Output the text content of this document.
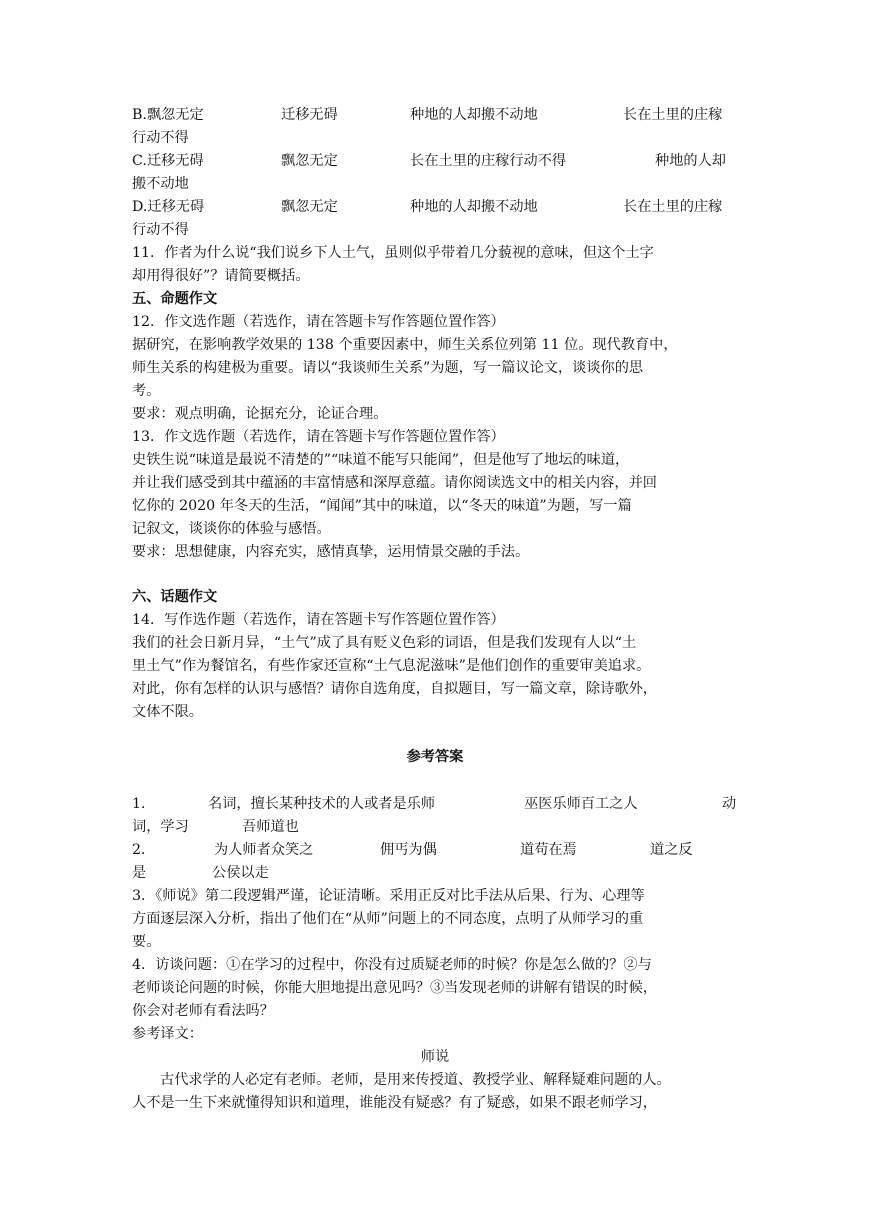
B.飘忽无定	迁移无碍	种地的人却搬不动地	长在土里的庄稼
行动不得
C.迁移无碍	飘忽无定	长在土里的庄稼行动不得	种地的人却
搬不动地
D.迁移无碍	飘忽无定	种地的人却搬不动地	长在土里的庄稼
行动不得
11．作者为什么说“我们说乡下人土气，虽则似乎带着几分藐视的意味，但这个土字
却用得很好”？请简要概括。
五、命题作文
12．作文选作题（若选作，请在答题卡写作答题位置作答）
据研究，在影响教学效果的 138 个重要因素中，师生关系位列第 11 位。现代教育中，
师生关系的构建极为重要。请以“我谈师生关系”为题，写一篇议论文，谈谈你的思
考。
要求：观点明确，论据充分，论证合理。
13．作文选作题（若选作，请在答题卡写作答题位置作答）
史铁生说“味道是最说不清楚的”“味道不能写只能闻”，但是他写了地坛的味道，
并让我们感受到其中蕴涵的丰富情感和深厚意蕴。请你阅读选文中的相关内容，并回
忆你的 2020 年冬天的生活，“闻闻”其中的味道，以“冬天的味道”为题，写一篇
记叙文，谈谈你的体验与感悟。
要求：思想健康，内容充实，感情真挚，运用情景交融的手法。
六、话题作文
14．写作选作题（若选作，请在答题卡写作答题位置作答）
我们的社会日新月异，“土气”成了具有贬义色彩的词语，但是我们发现有人以“土
里土气”作为餐馆名，有些作家还宣称“土气息泥滋味”是他们创作的重要审美追求。
对此，你有怎样的认识与感悟？请你自选角度，自拟题目，写一篇文章，除诗歌外，
文体不限。
参考答案
1．	名词，擅长某种技术的人或者是乐师	巫医乐师百工之人	动
词，学习	吾师道也
2．	为人师者众笑之	佣丐为偶	道苟在焉	道之反
是	公侯以走
3．《师说》第二段逻辑严谨，论证清晰。采用正反对比手法从后果、行为、心理等
方面逐层深入分析，指出了他们在“从师”问题上的不同态度，点明了从师学习的重
要。
4．访谈问题：①在学习的过程中，你没有过质疑老师的时候？你是怎么做的？②与
老师谈论问题的时候，你能大胆地提出意见吗？③当发现老师的讲解有错误的时候，
你会对老师有看法吗？
参考译文：
师说
古代求学的人必定有老师。老师，是用来传授道、教授学业、解释疑难问题的人。
人不是一生下来就懂得知识和道理，谁能没有疑惑？有了疑惑，如果不跟老师学习，
